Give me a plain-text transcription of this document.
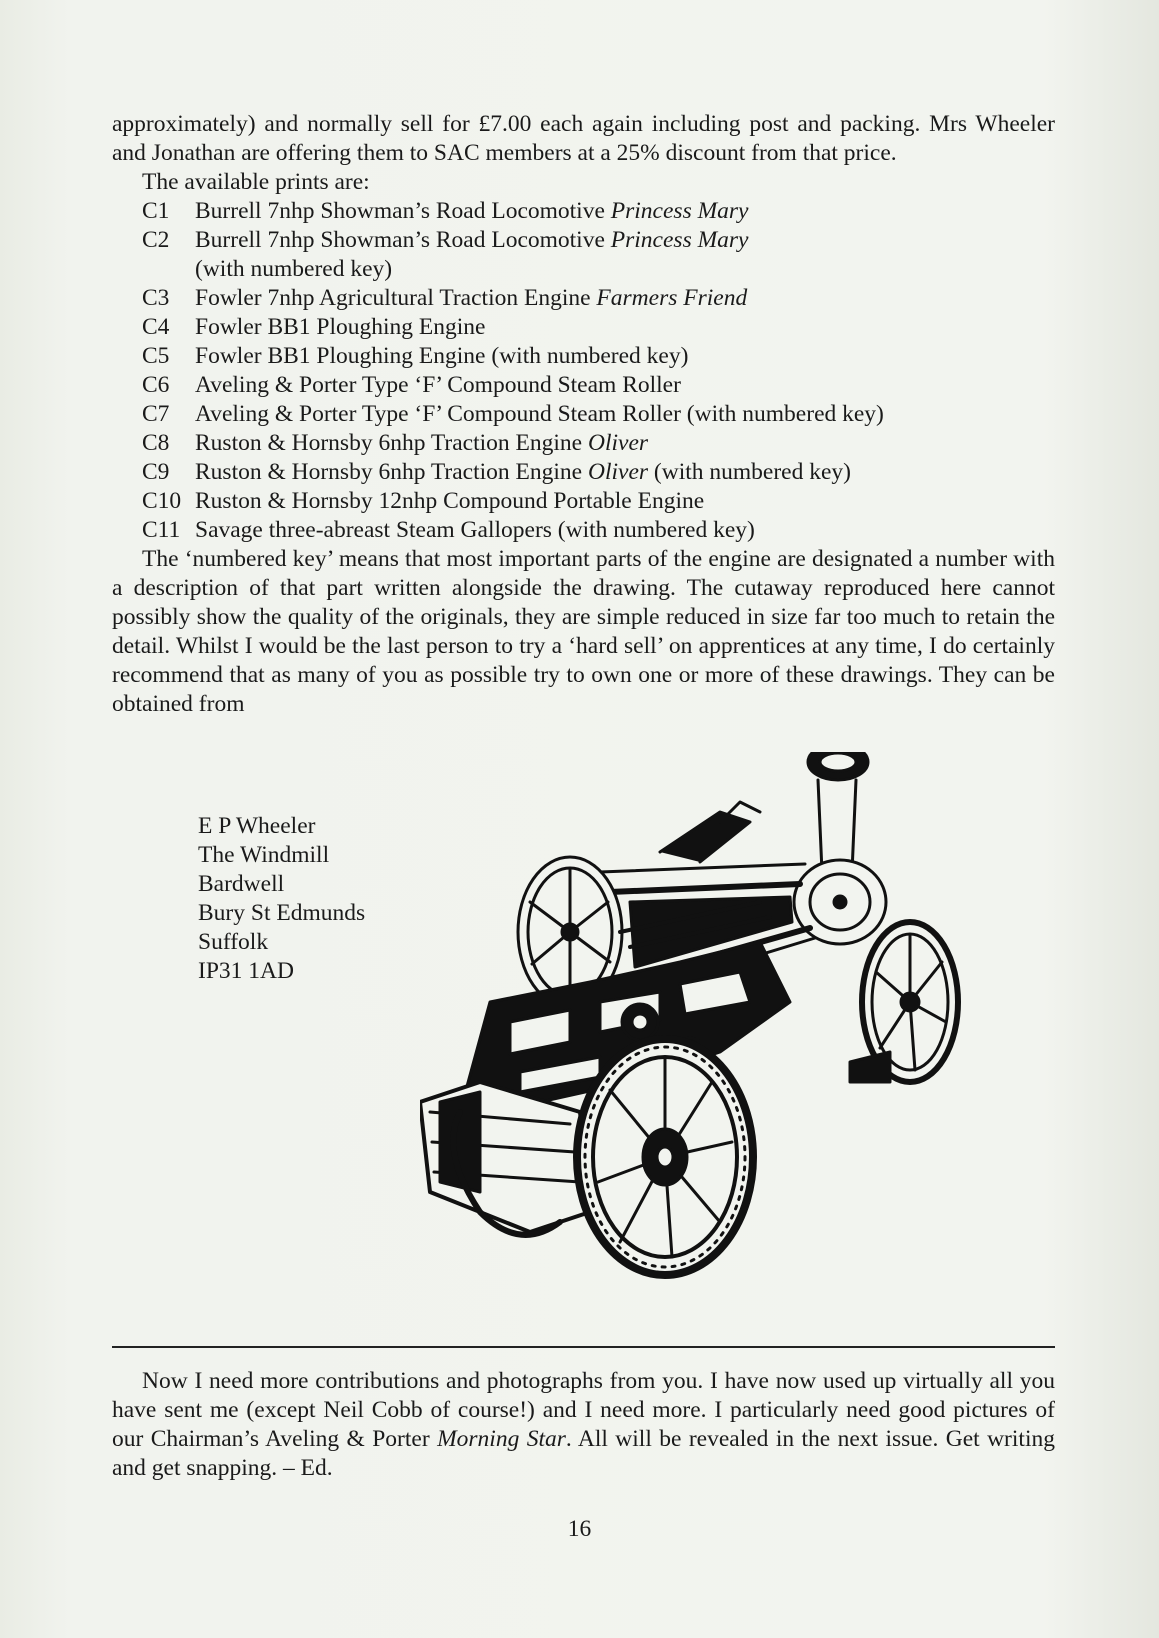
approximately) and normally sell for £7.00 each again including post and packing. Mrs Wheeler and Jonathan are offering them to SAC members at a 25% discount from that price.

The available prints are:

C1	Burrell 7nhp Showman’s Road Locomotive Princess Mary
C2	Burrell 7nhp Showman’s Road Locomotive Princess Mary
(with numbered key)
C3	Fowler 7nhp Agricultural Traction Engine Farmers Friend
C4	Fowler BB1 Ploughing Engine
C5	Fowler BB1 Ploughing Engine (with numbered key)
C6	Aveling & Porter Type ‘F’ Compound Steam Roller
C7	Aveling & Porter Type ‘F’ Compound Steam Roller (with numbered key)
C8	Ruston & Hornsby 6nhp Traction Engine Oliver
C9	Ruston & Hornsby 6nhp Traction Engine Oliver (with numbered key)
C10 Ruston & Hornsby 12nhp Compound Portable Engine
C11 Savage three-abreast Steam Gallopers (with numbered key)

The ‘numbered key’ means that most important parts of the engine are designated a number with a description of that part written alongside the drawing. The cutaway reproduced here cannot possibly show the quality of the originals, they are simple reduced in size far too much to retain the detail. Whilst I would be the last person to try a ‘hard sell’ on apprentices at any time, I do certainly recommend that as many of you as possible try to own one or more of these drawings. They can be obtained from

E P Wheeler
The Windmill
Bardwell
Bury St Edmunds
Suffolk
IP31 1AD

Now I need more contributions and photographs from you. I have now used up virtually all you have sent me (except Neil Cobb of course!) and I need more. I particularly need good pictures of our Chairman’s Aveling & Porter Morning Star. All will be revealed in the next issue. Get writing and get snapping. – Ed.

16
